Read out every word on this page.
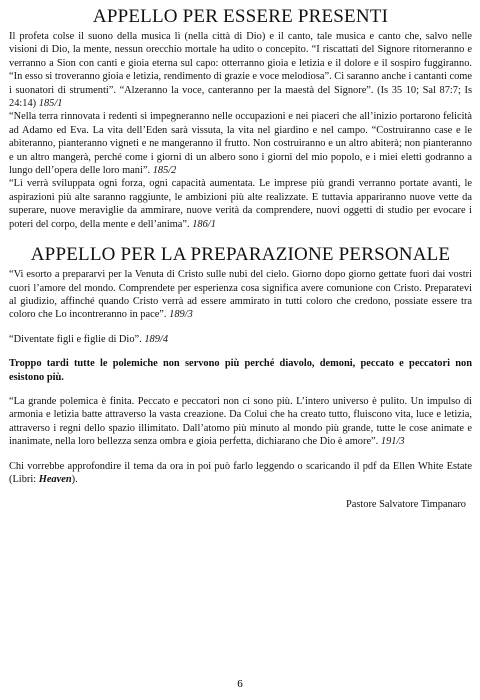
APPELLO PER ESSERE PRESENTI

Il profeta colse il suono della musica lì (nella città di Dio) e il canto, tale musica e canto che, salvo nelle visioni di Dio, la mente, nessun orecchio mortale ha udito o concepito. “I riscattati del Signore ritorneranno e verranno a Sion con canti e gioia eterna sul capo: otterranno gioia e letizia e il dolore e il sospiro fuggiranno. “In esso si troveranno gioia e letizia, rendimento di grazie e voce melodiosa”. Ci saranno anche i cantanti come i suonatori di strumenti”. “Alzeranno la voce, canteranno per la maestà del Signore”. (Is 35 10; Sal 87:7; Is 24:14) 185/1

“Nella terra rinnovata i redenti si impegneranno nelle occupazioni e nei piaceri che all’inizio portarono felicità ad Adamo ed Eva. La vita dell’Eden sarà vissuta, la vita nel giardino e nel campo. “Costruiranno case e le abiteranno, pianteranno vigneti e ne mangeranno il frutto. Non costruiranno e un altro abiterà; non pianteranno e un altro mangerà, perché come i giorni di un albero sono i giorni del mio popolo, e i miei eletti godranno a lungo dell’opera delle loro mani”. 185/2

“Lì verrà sviluppata ogni forza, ogni capacità aumentata. Le imprese più grandi verranno portate avanti, le aspirazioni più alte saranno raggiunte, le ambizioni più alte realizzate. E tuttavia appariranno nuove vette da superare, nuove meraviglie da ammirare, nuove verità da comprendere, nuovi oggetti di studio per evocare i poteri del corpo, della mente e dell’anima”. 186/1

APPELLO PER LA PREPARAZIONE PERSONALE

“Vi esorto a prepararvi per la Venuta di Cristo sulle nubi del cielo. Giorno dopo giorno gettate fuori dai vostri cuori l’amore del mondo. Comprendete per esperienza cosa significa avere comunione con Cristo. Preparatevi al giudizio, affinché quando Cristo verrà ad essere ammirato in tutti coloro che credono, possiate essere tra coloro che Lo incontreranno in pace”. 189/3

“Diventate figli e figlie di Dio”. 189/4

Troppo tardi tutte le polemiche non servono più perché diavolo, demoni, peccato e peccatori non esistono più.

“La grande polemica è finita. Peccato e peccatori non ci sono più. L’intero universo è pulito. Un impulso di armonia e letizia batte attraverso la vasta creazione. Da Colui che ha creato tutto, fluiscono vita, luce e letizia, attraverso i regni dello spazio illimitato. Dall’atomo più minuto al mondo più grande, tutte le cose animate e inanimate, nella loro bellezza senza ombra e gioia perfetta, dichiarano che Dio è amore”. 191/3

Chi vorrebbe approfondire il tema da ora in poi può farlo leggendo o scaricando il pdf da Ellen White Estate (Libri: Heaven).

Pastore Salvatore Timpanaro

6
